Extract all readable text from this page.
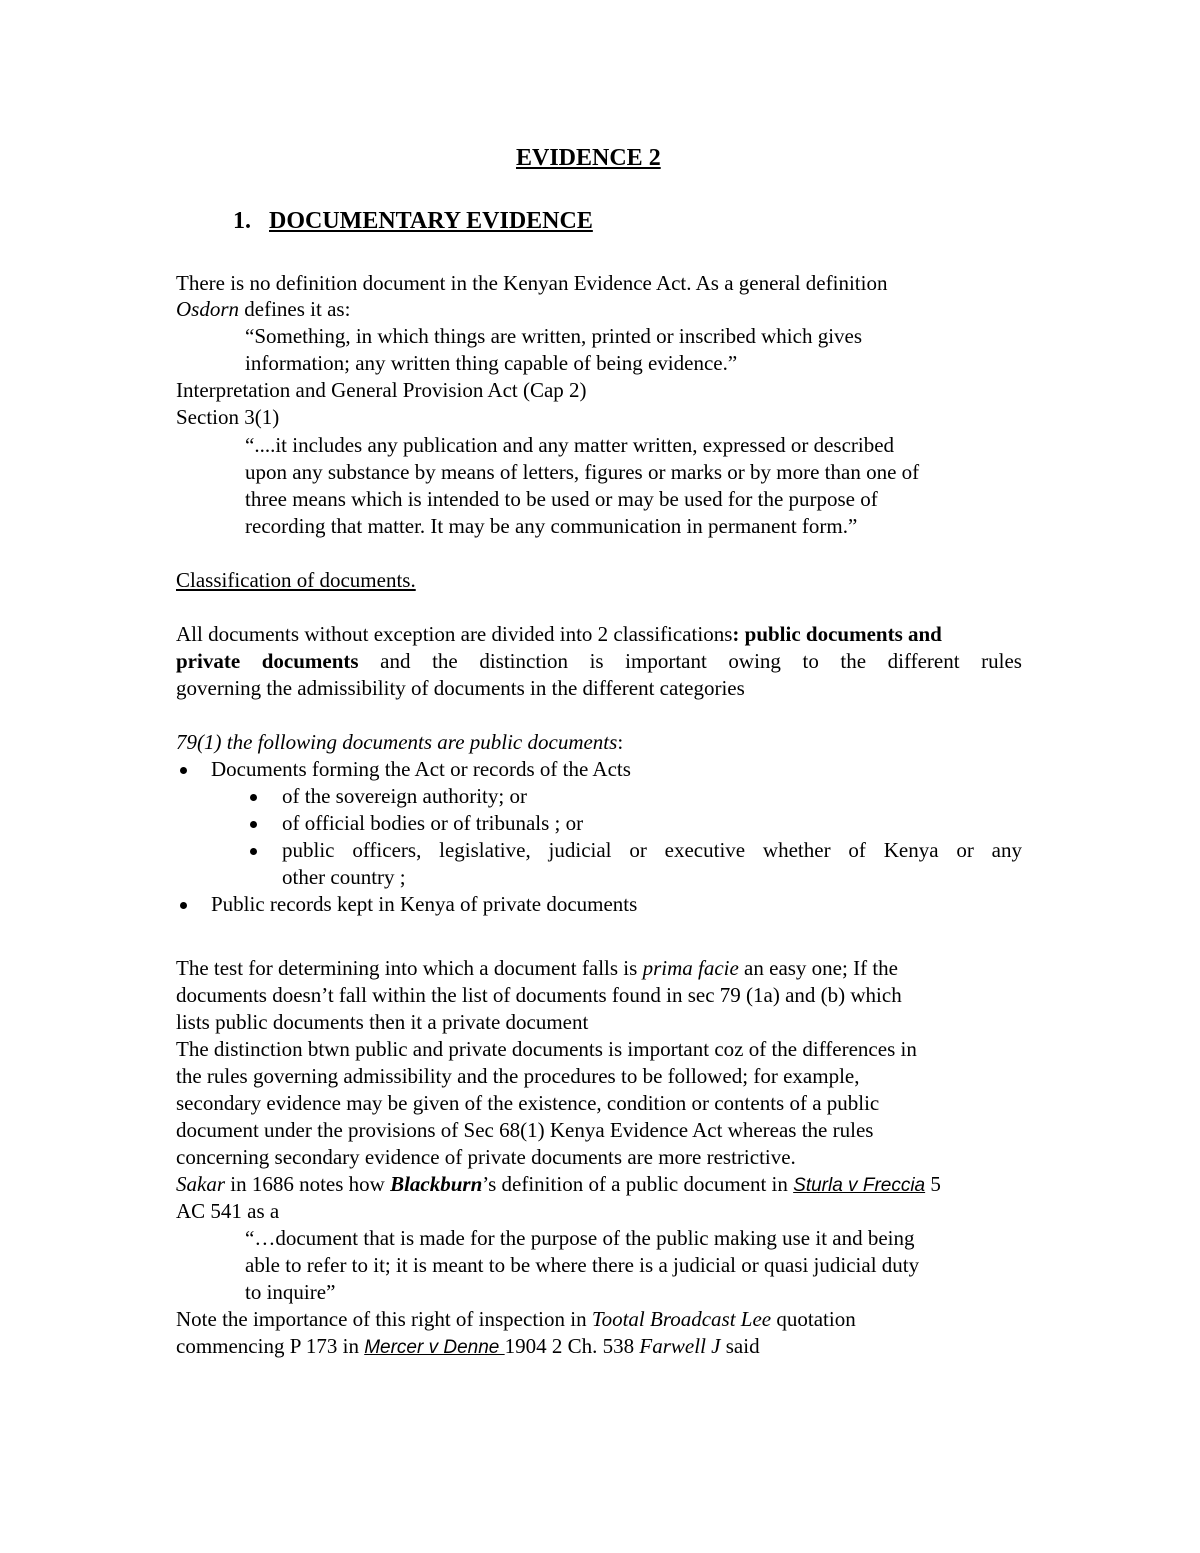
EVIDENCE 2
1. DOCUMENTARY EVIDENCE
There is no definition document in the Kenyan Evidence Act. As a general definition
Osdorn defines it as:
“Something, in which things are written, printed or inscribed which gives
information; any written thing capable of being evidence.”
Interpretation and General Provision Act (Cap 2)
Section 3(1)
“....it includes any publication and any matter written, expressed or described
upon any substance by means of letters, figures or marks or by more than one of
three means which is intended to be used or may be used for the purpose of
recording that matter. It may be any communication in permanent form.”
Classification of documents.
All documents without exception are divided into 2 classifications: public documents and
private documents and the distinction is important owing to the different rules
governing the admissibility of documents in the different categories
79(1) the following documents are public documents:
Documents forming the Act or records of the Acts
of the sovereign authority; or
of official bodies or of tribunals ; or
public officers, legislative, judicial or executive whether of Kenya or any
other country ;
Public records kept in Kenya of private documents
The test for determining into which a document falls is prima facie an easy one; If the
documents doesn’t fall within the list of documents found in sec 79 (1a) and (b) which
lists public documents then it a private document
The distinction btwn public and private documents is important coz of the differences in
the rules governing admissibility and the procedures to be followed; for example,
secondary evidence may be given of the existence, condition or contents of a public
document under the provisions of Sec 68(1) Kenya Evidence Act whereas the rules
concerning secondary evidence of private documents are more restrictive.
Sakar in 1686 notes how Blackburn’s definition of a public document in Sturla v Freccia 5
AC 541 as a
“…document that is made for the purpose of the public making use it and being
able to refer to it; it is meant to be where there is a judicial or quasi judicial duty
to inquire”
Note the importance of this right of inspection in Tootal Broadcast Lee quotation
commencing P 173 in Mercer v Denne 1904 2 Ch. 538 Farwell J said
